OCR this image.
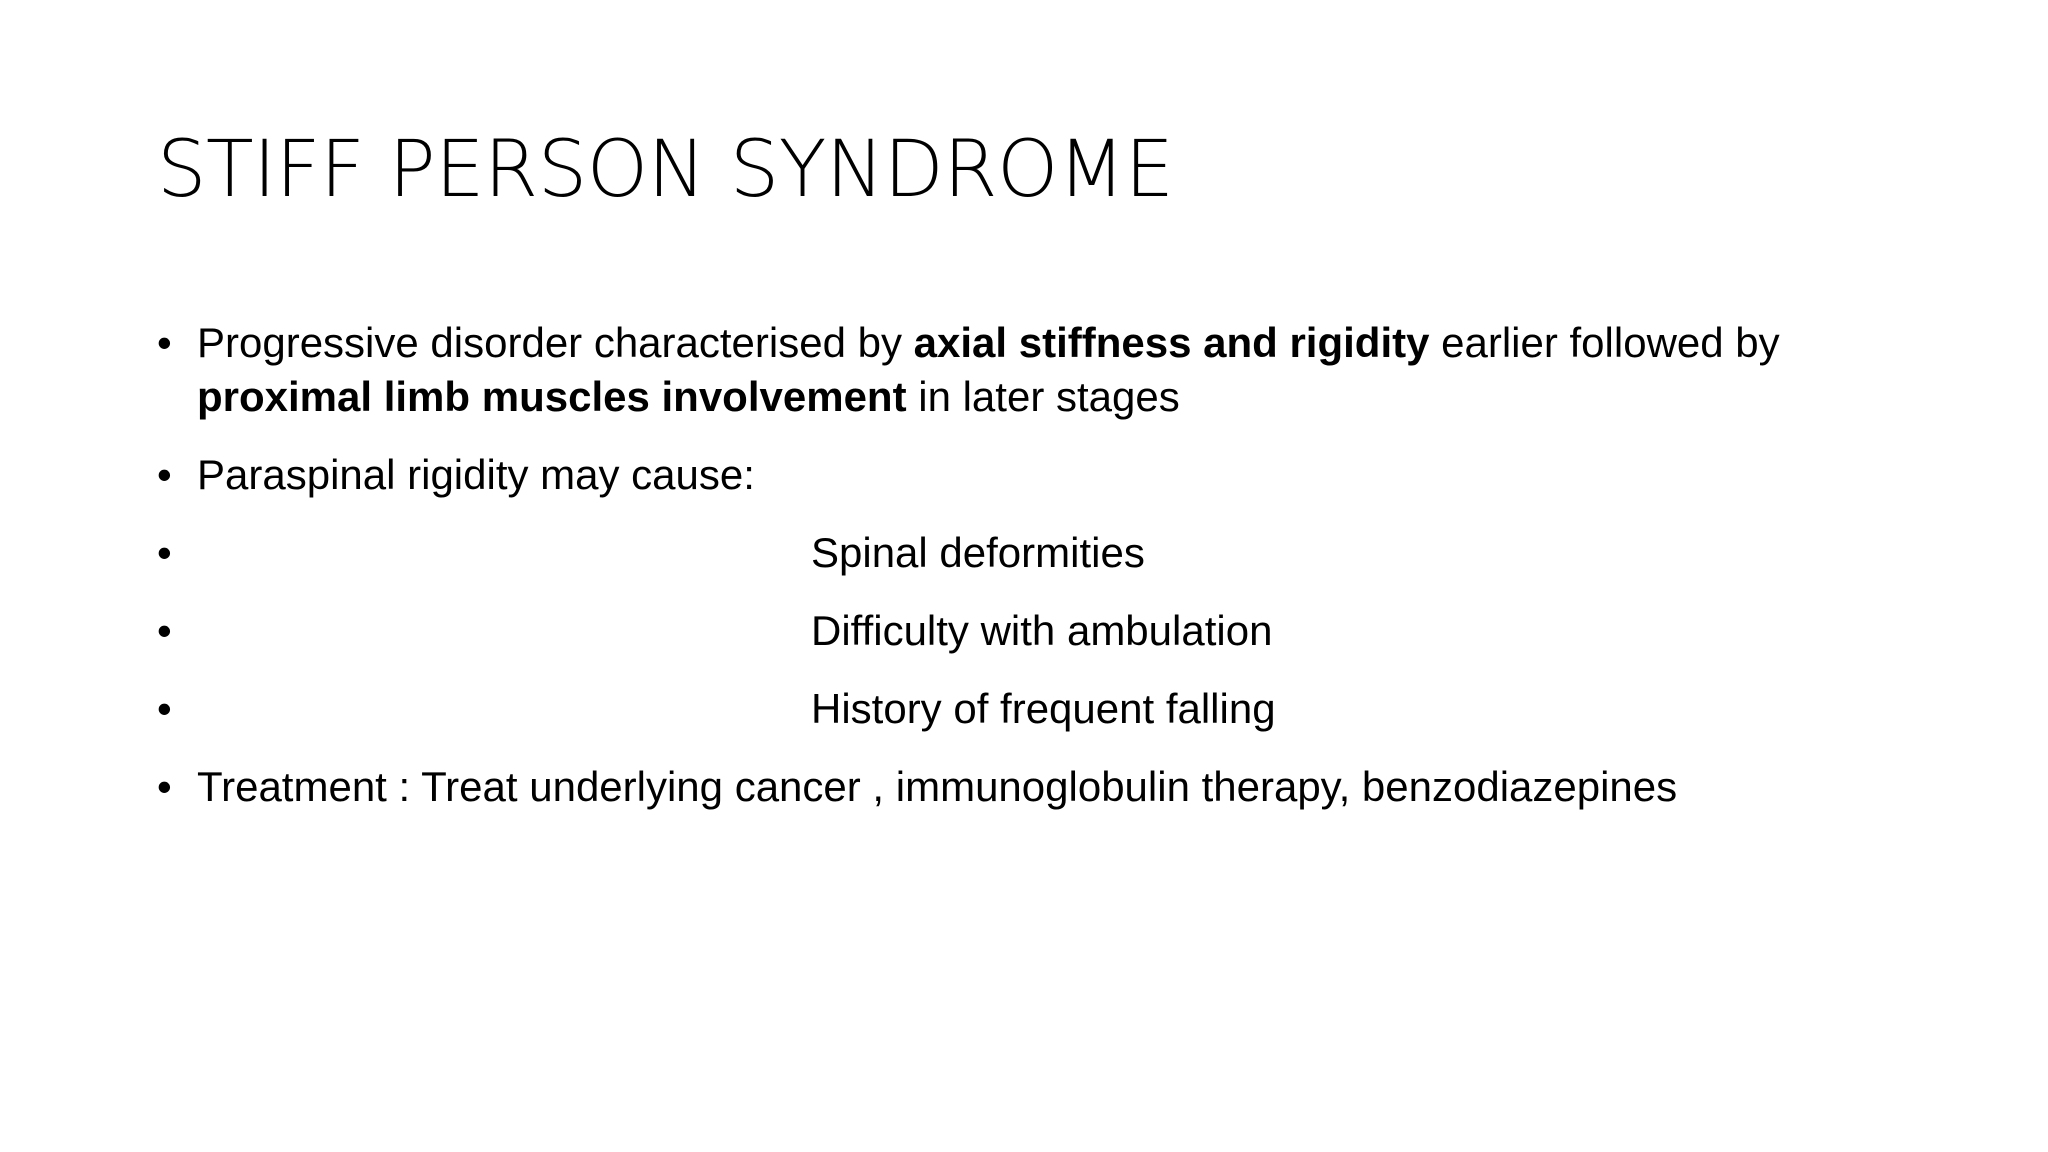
STIFF PERSON SYNDROME
• Progressive disorder characterised by axial stiffness and rigidity earlier followed by proximal limb muscles involvement in later stages
• Paraspinal rigidity may cause:
•	Spinal deformities
•	Difficulty with ambulation
•	History of frequent falling
• Treatment : Treat underlying cancer , immunoglobulin therapy, benzodiazepines
